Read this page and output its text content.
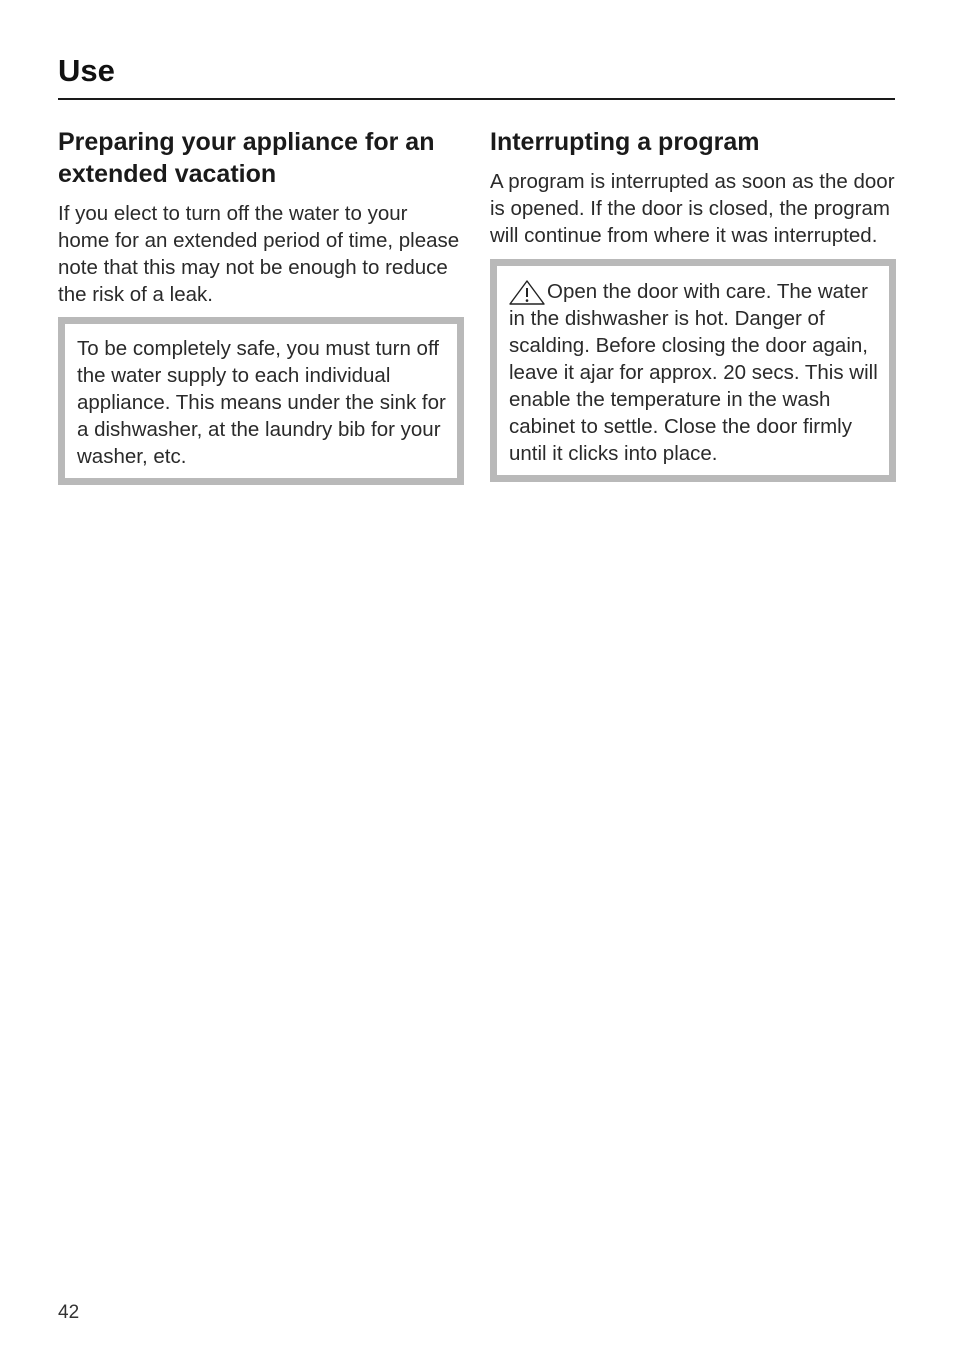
Use
Preparing your appliance for an extended vacation

If you elect to turn off the water to your home for an extended period of time, please note that this may not be enough to reduce the risk of a leak.

To be completely safe, you must turn off the water supply to each individual appliance. This means under the sink for a dishwasher, at the laundry bib for your washer, etc.
Interrupting a program

A program is interrupted as soon as the door is opened. If the door is closed, the program will continue from where it was interrupted.

Open the door with care. The water in the dishwasher is hot. Danger of scalding. Before closing the door again, leave it ajar for approx. 20 secs. This will enable the temperature in the wash cabinet to settle. Close the door firmly until it clicks into place.
42
